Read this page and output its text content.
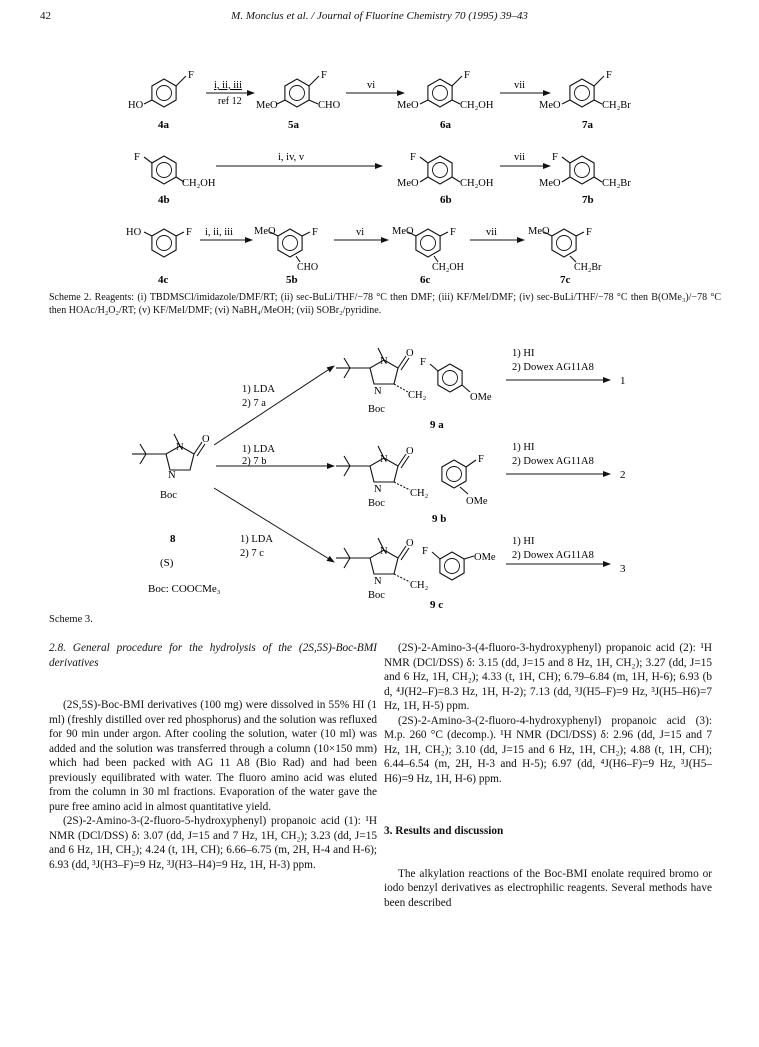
42	M. Monclus et al. / Journal of Fluorine Chemistry 70 (1995) 39–43
F
HO
4a
i, ii, iii
ref 12
F
MeO	CHO
5a
vi
F
MeO	CH₂OH
6a
vii
F
MeO	CH₂Br
7a
F
CH₂OH
4b
i, iv, v	F
MeO	CH₂OH
6b
vii	F
MeO	CH₂Br
7b
HO	F
4c
i, ii, iii MeO	F
CHO
5b
vi	MeO	F
CH₂OH
6c
vii	MeO	F
CH₂Br
7c
N
N
O
Boc
8
(S)
Boc: COOCMe₃
1) LDA
2) 7 a
1) LDA
2) 7 b
1) LDA
2) 7 c
N
N
O
Boc
CH₂
F
OMe
9 a
1) HI
2) Dowex AG11A8
1
N
N
O
Boc
CH₂
F
OMe
9 b
1) HI
2) Dowex AG11A8
2
N
N
O
Boc
CH₂
F
OMe
9 c
1) HI
2) Dowex AG11A8
3
Scheme 2. Reagents: (i) TBDMSCl/imidazole/DMF/RT; (ii) sec-BuLi/THF/−78 °C then DMF; (iii) KF/MeI/DMF; (iv) sec-BuLi/THF/−78 °C then B(OMe₃)/−78 °C then HOAc/H₂O₂/RT; (v) KF/MeI/DMF; (vi) NaBH₄/MeOH; (vii) SOBr₂/pyridine.
Scheme 3.
2.8. General procedure for the hydrolysis of the (2S,5S)-Boc-BMI derivatives

(2S,5S)-Boc-BMI derivatives (100 mg) were dissolved in 55% HI (1 ml) (freshly distilled over red phosphorus) and the solution was refluxed for 90 min under argon. After cooling the solution, water (10 ml) was added and the solution was transferred through a column (10×150 mm) which had been packed with AG 11 A8 (Bio Rad) and had been previously equilibrated with water. The fluoro amino acid was eluted from the column in 30 ml fractions. Evaporation of the water gave the pure free amino acid in almost quantitative yield.

(2S)-2-Amino-3-(2-fluoro-5-hydroxyphenyl) propanoic acid (1): ¹H NMR (DCl/DSS) δ: 3.07 (dd, J=15 and 7 Hz, 1H, CH₂); 3.23 (dd, J=15 and 6 Hz, 1H, CH₂); 4.24 (t, 1H, CH); 6.66–6.75 (m, 2H, H-4 and H-6); 6.93 (dd, ³J(H3–F)=9 Hz, ³J(H3–H4)=9 Hz, 1H, H-3) ppm.

(2S)-2-Amino-3-(4-fluoro-3-hydroxyphenyl) propanoic acid (2): ¹H NMR (DCl/DSS) δ: 3.15 (dd, J=15 and 8 Hz, 1H, CH₂); 3.27 (dd, J=15 and 6 Hz, 1H, CH₂); 4.33 (t, 1H, CH); 6.79–6.84 (m, 1H, H-6); 6.93 (b d, ⁴J(H2–F)=8.3 Hz, 1H, H-2); 7.13 (dd, ³J(H5–F)=9 Hz, ³J(H5–H6)=7 Hz, 1H, H-5) ppm.

(2S)-2-Amino-3-(2-fluoro-4-hydroxyphenyl) propanoic acid (3): M.p. 260 °C (decomp.). ¹H NMR (DCl/DSS) δ: 2.96 (dd, J=15 and 7 Hz, 1H, CH₂); 3.10 (dd, J=15 and 6 Hz, 1H, CH₂); 4.88 (t, 1H, CH); 6.44–6.54 (m, 2H, H-3 and H-5); 6.97 (dd, ⁴J(H6–F)=9 Hz, ³J(H5–H6)=9 Hz, 1H, H-6) ppm.

3. Results and discussion

The alkylation reactions of the Boc-BMI enolate required bromo or iodo benzyl derivatives as electrophilic reagents. Several methods have been described
